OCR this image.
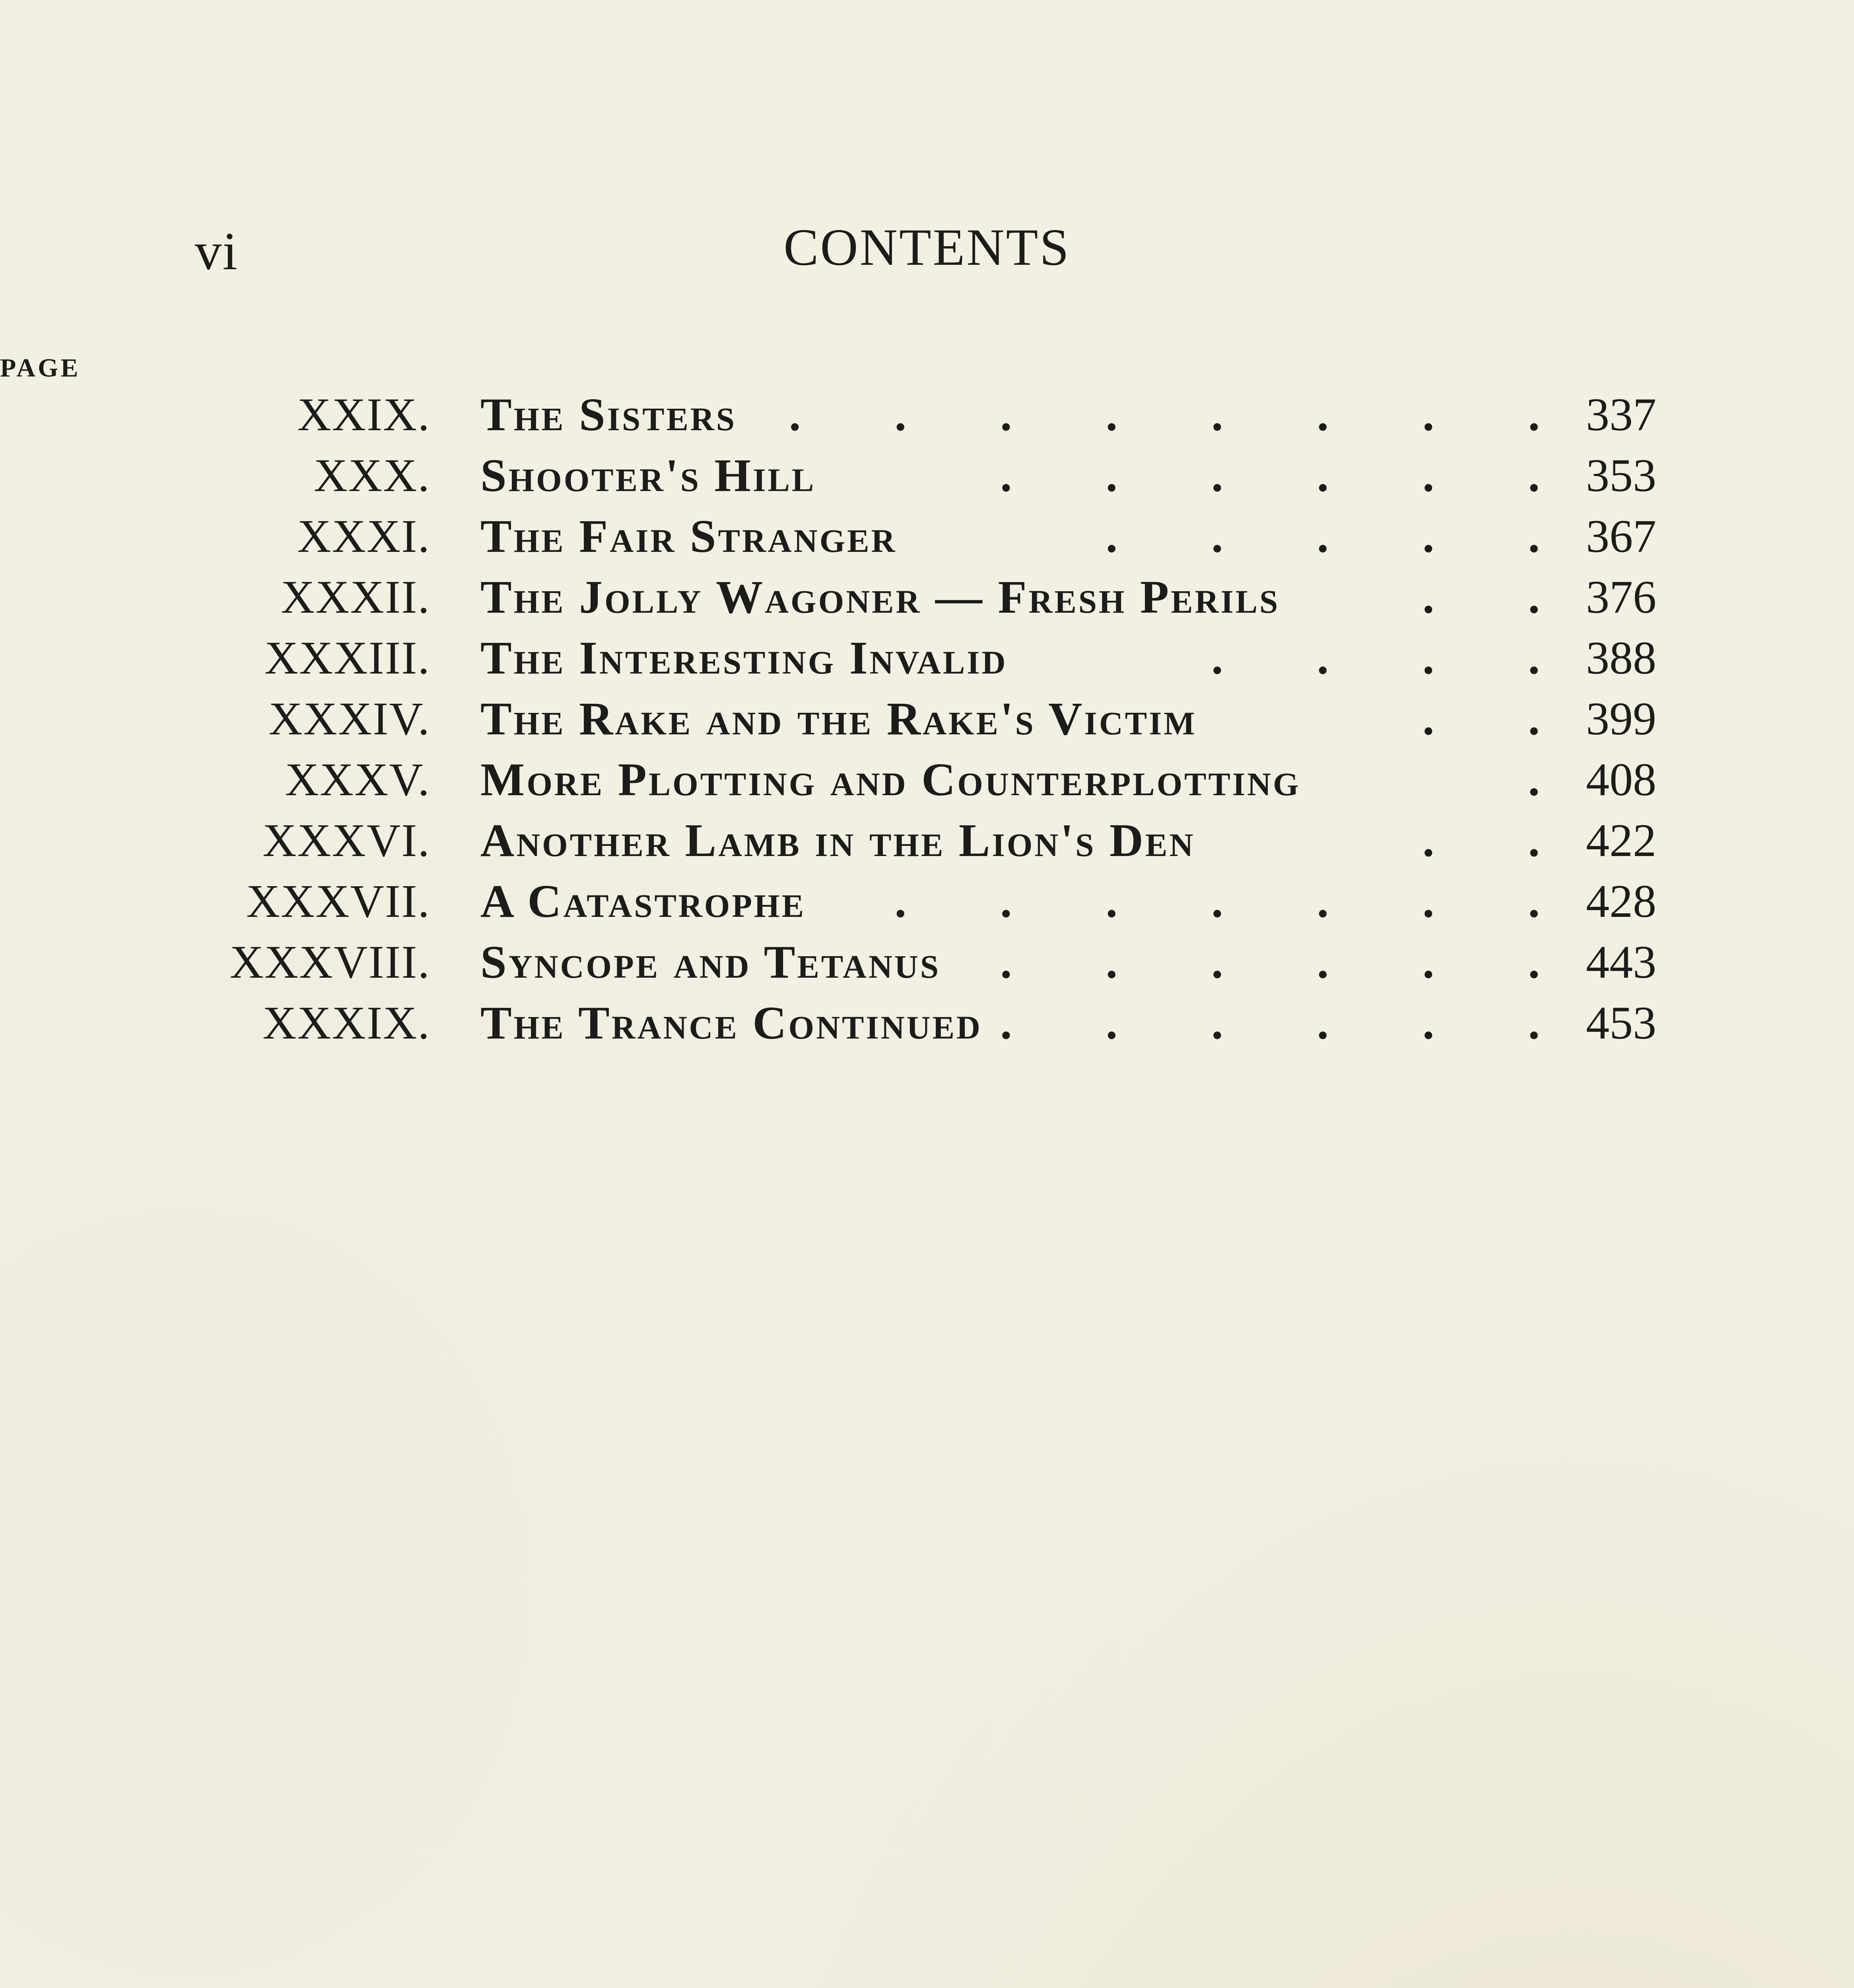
vi	CONTENTS
PAGE
XXIX. The Sisters .  .  .  .  .  .  .  . 337
XXX. Shooter's Hill	.  .  .  .  .  . 353
XXXI. The Fair Stranger	.  .  .  .  . 367
XXXII. The Jolly Wagoner — Fresh Perils	.  . 376
XXXIII. The Interesting Invalid	.  .  .  . 388
XXXIV. The Rake and the Rake's Victim	.  . 399
XXXV. More Plotting and Counterplotting	. 408
XXXVI. Another Lamb in the Lion's Den	.  . 422
XXXVII. A Catastrophe .  .  .  .  .  .  . 428
XXXVIII. Syncope and Tetanus .  .  .  .  .  . 443
XXXIX. The Trance Continued .  .  .  .  .  . 453
